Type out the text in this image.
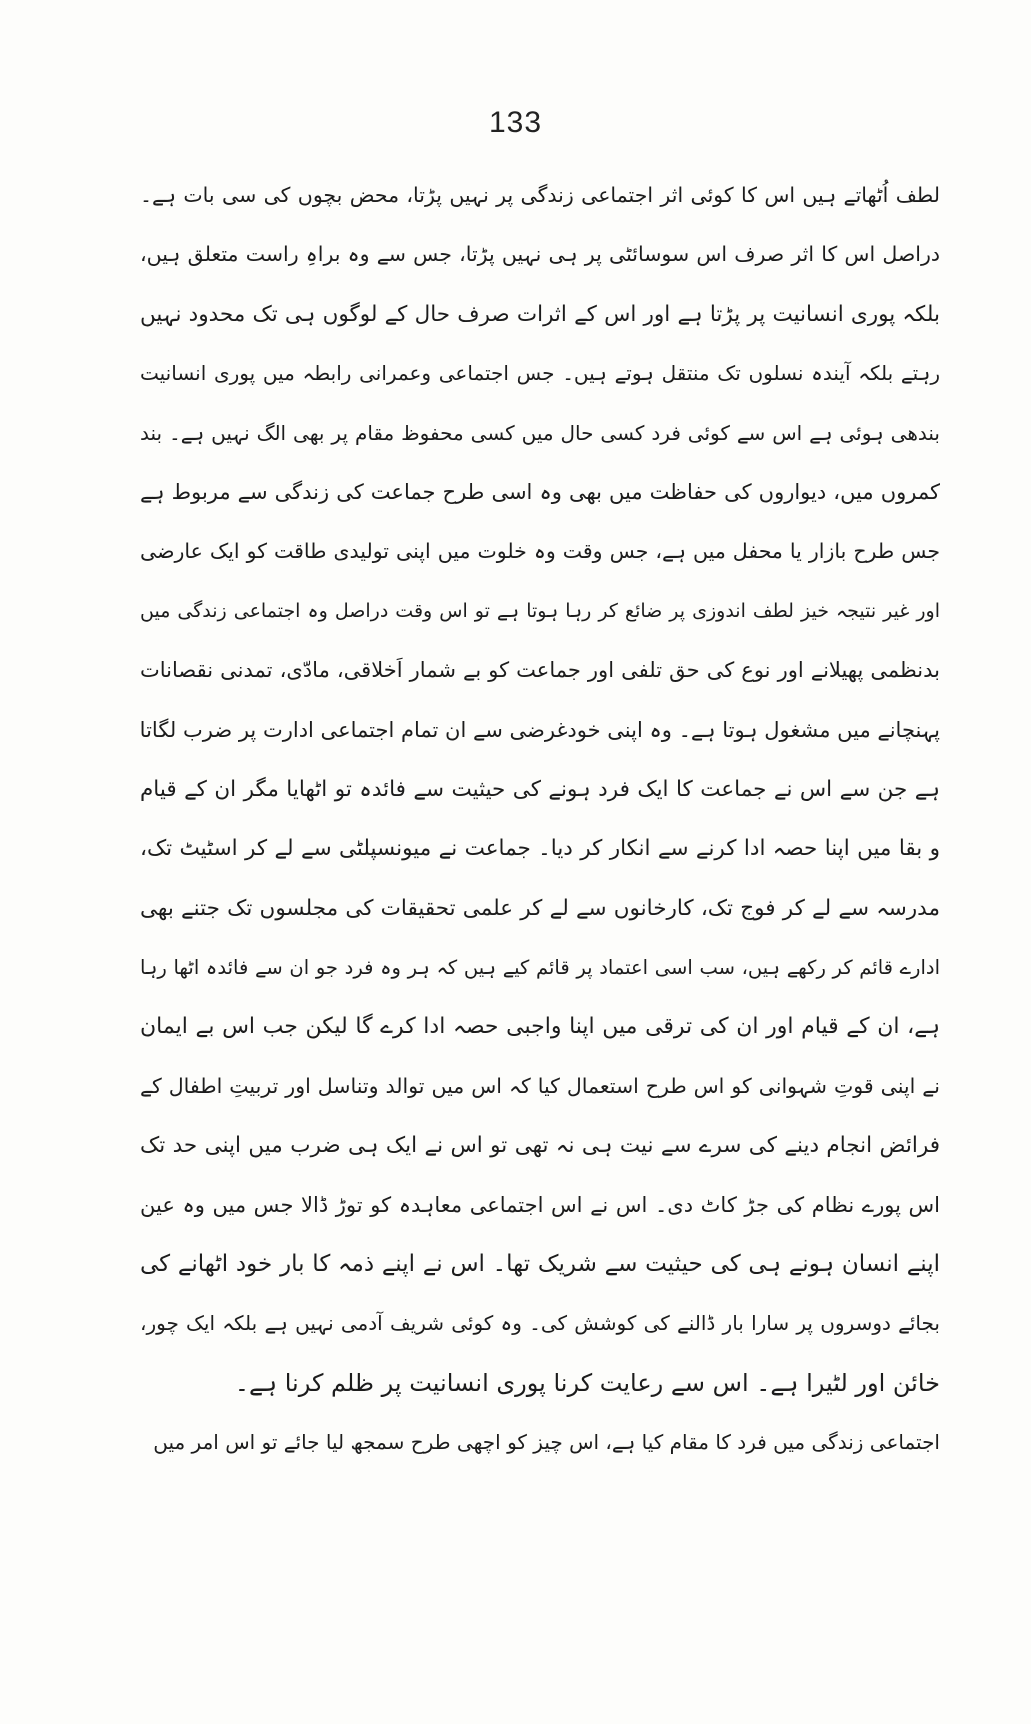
133
لطف اُٹھاتے ہیں اس کا کوئی اثر اجتماعی زندگی پر نہیں پڑتا، محض بچوں کی سی بات ہے۔
دراصل اس کا اثر صرف اس سوسائٹی پر ہی نہیں پڑتا، جس سے وہ براہِ راست متعلق ہیں،
بلکہ پوری انسانیت پر پڑتا ہے اور اس کے اثرات صرف حال کے لوگوں ہی تک محدود نہیں
رہتے بلکہ آیندہ نسلوں تک منتقل ہوتے ہیں۔ جس اجتماعی وعمرانی رابطہ میں پوری انسانیت
بندھی ہوئی ہے اس سے کوئی فرد کسی حال میں کسی محفوظ مقام پر بھی الگ نہیں ہے۔ بند
کمروں میں، دیواروں کی حفاظت میں بھی وہ اسی طرح جماعت کی زندگی سے مربوط ہے
جس طرح بازار یا محفل میں ہے، جس وقت وہ خلوت میں اپنی تولیدی طاقت کو ایک عارضی
اور غیر نتیجہ خیز لطف اندوزی پر ضائع کر رہا ہوتا ہے تو اس وقت دراصل وہ اجتماعی زندگی میں
بدنظمی پھیلانے اور نوع کی حق تلفی اور جماعت کو بے شمار اَخلاقی، مادّی، تمدنی نقصانات
پہنچانے میں مشغول ہوتا ہے۔ وہ اپنی خودغرضی سے ان تمام اجتماعی ادارت پر ضرب لگاتا
ہے جن سے اس نے جماعت کا ایک فرد ہونے کی حیثیت سے فائدہ تو اٹھایا مگر ان کے قیام
و بقا میں اپنا حصہ ادا کرنے سے انکار کر دیا۔ جماعت نے میونسپلٹی سے لے کر اسٹیٹ تک،
مدرسہ سے لے کر فوج تک، کارخانوں سے لے کر علمی تحقیقات کی مجلسوں تک جتنے بھی
ادارے قائم کر رکھے ہیں، سب اسی اعتماد پر قائم کیے ہیں کہ ہر وہ فرد جو ان سے فائدہ اٹھا رہا
ہے، ان کے قیام اور ان کی ترقی میں اپنا واجبی حصہ ادا کرے گا لیکن جب اس بے ایمان
نے اپنی قوتِ شہوانی کو اس طرح استعمال کیا کہ اس میں توالد وتناسل اور تربیتِ اطفال کے
فرائض انجام دینے کی سرے سے نیت ہی نہ تھی تو اس نے ایک ہی ضرب میں اپنی حد تک
اس پورے نظام کی جڑ کاٹ دی۔ اس نے اس اجتماعی معاہدہ کو توڑ ڈالا جس میں وہ عین
اپنے انسان ہونے ہی کی حیثیت سے شریک تھا۔ اس نے اپنے ذمہ کا بار خود اٹھانے کی
بجائے دوسروں پر سارا بار ڈالنے کی کوشش کی۔ وہ کوئی شریف آدمی نہیں ہے بلکہ ایک چور،
خائن اور لٹیرا ہے۔ اس سے رعایت کرنا پوری انسانیت پر ظلم کرنا ہے۔
اجتماعی زندگی میں فرد کا مقام کیا ہے، اس چیز کو اچھی طرح سمجھ لیا جائے تو اس امر میں
